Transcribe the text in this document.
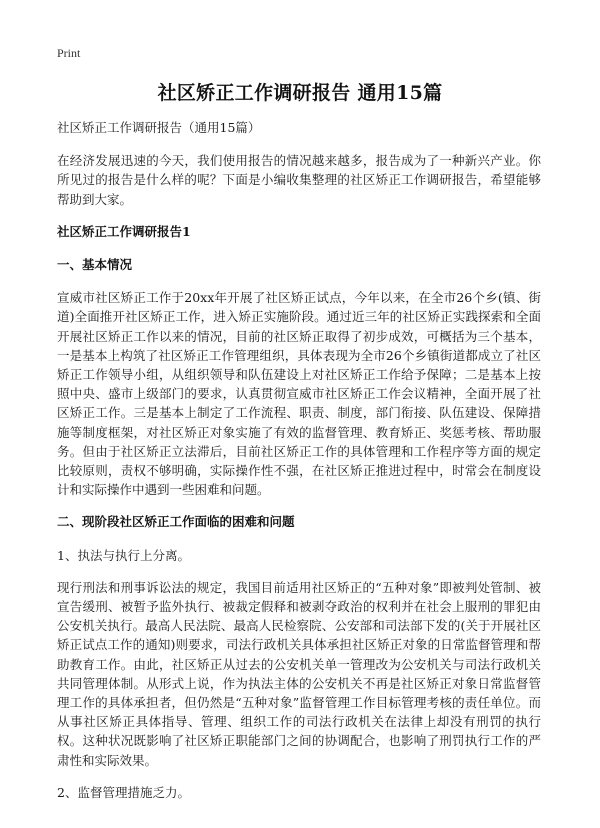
Print
社区矫正工作调研报告 通用15篇

社区矫正工作调研报告（通用15篇）

在经济发展迅速的今天，我们使用报告的情况越来越多，报告成为了一种新兴产业。你所见过的报告是什么样的呢？下面是小编收集整理的社区矫正工作调研报告，希望能够帮助到大家。

社区矫正工作调研报告1

一、基本情况

宣威市社区矫正工作于20xx年开展了社区矫正试点，今年以来，在全市26个乡(镇、街道)全面推开社区矫正工作，进入矫正实施阶段。通过近三年的社区矫正实践探索和全面开展社区矫正工作以来的情况，目前的社区矫正取得了初步成效，可概括为三个基本，一是基本上构筑了社区矫正工作管理组织，具体表现为全市26个乡镇街道都成立了社区矫正工作领导小组，从组织领导和队伍建设上对社区矫正工作给予保障；二是基本上按照中央、盛市上级部门的要求，认真贯彻宣威市社区矫正工作会议精神，全面开展了社区矫正工作。三是基本上制定了工作流程、职责、制度，部门衔接、队伍建设、保障措施等制度框架，对社区矫正对象实施了有效的监督管理、教育矫正、奖惩考核、帮助服务。但由于社区矫正立法滞后，目前社区矫正工作的具体管理和工作程序等方面的规定比较原则，责权不够明确，实际操作性不强，在社区矫正推进过程中，时常会在制度设计和实际操作中遇到一些困难和问题。

二、现阶段社区矫正工作面临的困难和问题

1、执法与执行上分离。

现行刑法和刑事诉讼法的规定，我国目前适用社区矫正的“五种对象”即被判处管制、被宣告缓刑、被暂予监外执行、被裁定假释和被剥夺政治的权利并在社会上服刑的罪犯由公安机关执行。最高人民法院、最高人民检察院、公安部和司法部下发的(关于开展社区矫正试点工作的通知)则要求，司法行政机关具体承担社区矫正对象的日常监督管理和帮助教育工作。由此，社区矫正从过去的公安机关单一管理改为公安机关与司法行政机关共同管理体制。从形式上说，作为执法主体的公安机关不再是社区矫正对象日常监督管理工作的具体承担者，但仍然是“五种对象”监督管理工作目标管理考核的责任单位。而从事社区矫正具体指导、管理、组织工作的司法行政机关在法律上却没有刑罚的执行权。这种状况既影响了社区矫正职能部门之间的协调配合，也影响了刑罚执行工作的严肃性和实际效果。

2、监督管理措施乏力。
